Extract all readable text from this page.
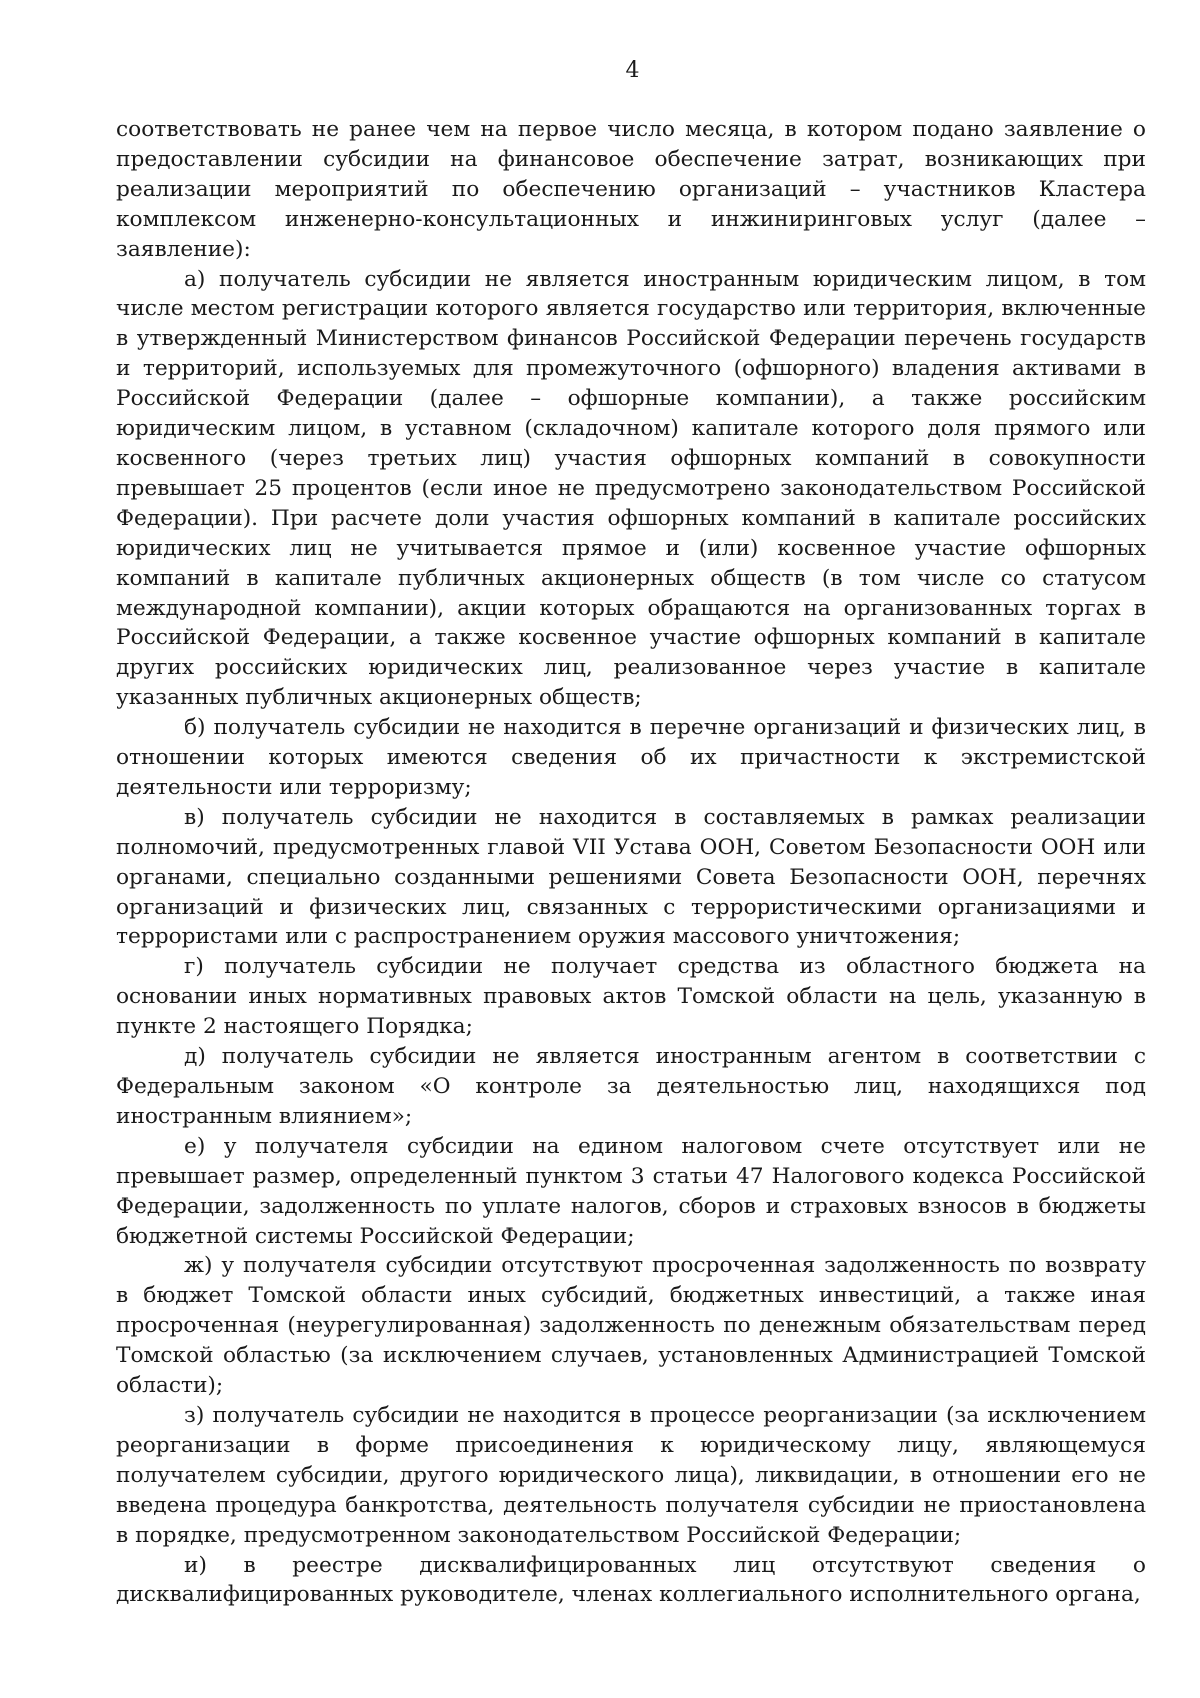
4

соответствовать не ранее чем на первое число месяца, в котором подано заявление о предоставлении субсидии на финансовое обеспечение затрат, возникающих при реализации мероприятий по обеспечению организаций – участников Кластера комплексом инженерно-консультационных и инжиниринговых услуг (далее – заявление):

а) получатель субсидии не является иностранным юридическим лицом, в том числе местом регистрации которого является государство или территория, включенные в утвержденный Министерством финансов Российской Федерации перечень государств и территорий, используемых для промежуточного (офшорного) владения активами в Российской Федерации (далее – офшорные компании), а также российским юридическим лицом, в уставном (складочном) капитале которого доля прямого или косвенного (через третьих лиц) участия офшорных компаний в совокупности превышает 25 процентов (если иное не предусмотрено законодательством Российской Федерации). При расчете доли участия офшорных компаний в капитале российских юридических лиц не учитывается прямое и (или) косвенное участие офшорных компаний в капитале публичных акционерных обществ (в том числе со статусом международной компании), акции которых обращаются на организованных торгах в Российской Федерации, а также косвенное участие офшорных компаний в капитале других российских юридических лиц, реализованное через участие в капитале указанных публичных акционерных обществ;

б) получатель субсидии не находится в перечне организаций и физических лиц, в отношении которых имеются сведения об их причастности к экстремистской деятельности или терроризму;

в) получатель субсидии не находится в составляемых в рамках реализации полномочий, предусмотренных главой VII Устава ООН, Советом Безопасности ООН или органами, специально созданными решениями Совета Безопасности ООН, перечнях организаций и физических лиц, связанных с террористическими организациями и террористами или с распространением оружия массового уничтожения;

г) получатель субсидии не получает средства из областного бюджета на основании иных нормативных правовых актов Томской области на цель, указанную в пункте 2 настоящего Порядка;

д) получатель субсидии не является иностранным агентом в соответствии с Федеральным законом «О контроле за деятельностью лиц, находящихся под иностранным влиянием»;

е) у получателя субсидии на едином налоговом счете отсутствует или не превышает размер, определенный пунктом 3 статьи 47 Налогового кодекса Российской Федерации, задолженность по уплате налогов, сборов и страховых взносов в бюджеты бюджетной системы Российской Федерации;

ж) у получателя субсидии отсутствуют просроченная задолженность по возврату в бюджет Томской области иных субсидий, бюджетных инвестиций, а также иная просроченная (неурегулированная) задолженность по денежным обязательствам перед Томской областью (за исключением случаев, установленных Администрацией Томской области);

з) получатель субсидии не находится в процессе реорганизации (за исключением реорганизации в форме присоединения к юридическому лицу, являющемуся получателем субсидии, другого юридического лица), ликвидации, в отношении его не введена процедура банкротства, деятельность получателя субсидии не приостановлена в порядке, предусмотренном законодательством Российской Федерации;

и) в реестре дисквалифицированных лиц отсутствуют сведения о дисквалифицированных руководителе, членах коллегиального исполнительного органа,
